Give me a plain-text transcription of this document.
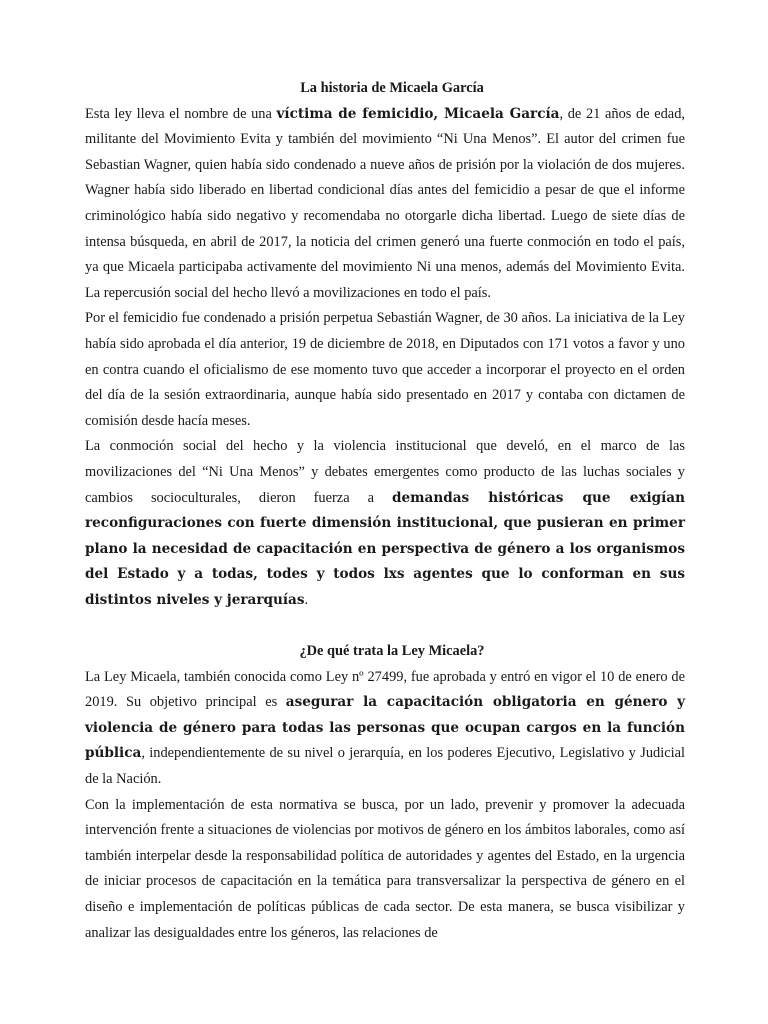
La historia de Micaela García

Esta ley lleva el nombre de una víctima de femicidio, Micaela García, de 21 años de edad, militante del Movimiento Evita y también del movimiento “Ni Una Menos”. El autor del crimen fue Sebastian Wagner, quien había sido condenado a nueve años de prisión por la violación de dos mujeres. Wagner había sido liberado en libertad condicional días antes del femicidio a pesar de que el informe criminológico había sido negativo y recomendaba no otorgarle dicha libertad. Luego de siete días de intensa búsqueda, en abril de 2017, la noticia del crimen generó una fuerte conmoción en todo el país, ya que Micaela participaba activamente del movimiento Ni una menos, además del Movimiento Evita. La repercusión social del hecho llevó a movilizaciones en todo el país.

Por el femicidio fue condenado a prisión perpetua Sebastián Wagner, de 30 años. La iniciativa de la Ley había sido aprobada el día anterior, 19 de diciembre de 2018, en Diputados con 171 votos a favor y uno en contra cuando el oficialismo de ese momento tuvo que acceder a incorporar el proyecto en el orden del día de la sesión extraordinaria, aunque había sido presentado en 2017 y contaba con dictamen de comisión desde hacía meses.

La conmoción social del hecho y la violencia institucional que develó, en el marco de las movilizaciones del “Ni Una Menos” y debates emergentes como producto de las luchas sociales y cambios socioculturales, dieron fuerza a demandas históricas que exigían reconfiguraciones con fuerte dimensión institucional, que pusieran en primer plano la necesidad de capacitación en perspectiva de género a los organismos del Estado y a todas, todes y todos lxs agentes que lo conforman en sus distintos niveles y jerarquías.

¿De qué trata la Ley Micaela?

La Ley Micaela, también conocida como Ley nº 27499, fue aprobada y entró en vigor el 10 de enero de 2019. Su objetivo principal es asegurar la capacitación obligatoria en género y violencia de género para todas las personas que ocupan cargos en la función pública, independientemente de su nivel o jerarquía, en los poderes Ejecutivo, Legislativo y Judicial de la Nación.

Con la implementación de esta normativa se busca, por un lado, prevenir y promover la adecuada intervención frente a situaciones de violencias por motivos de género en los ámbitos laborales, como así también interpelar desde la responsabilidad política de autoridades y agentes del Estado, en la urgencia de iniciar procesos de capacitación en la temática para transversalizar la perspectiva de género en el diseño e implementación de políticas públicas de cada sector. De esta manera, se busca visibilizar y analizar las desigualdades entre los géneros, las relaciones de
